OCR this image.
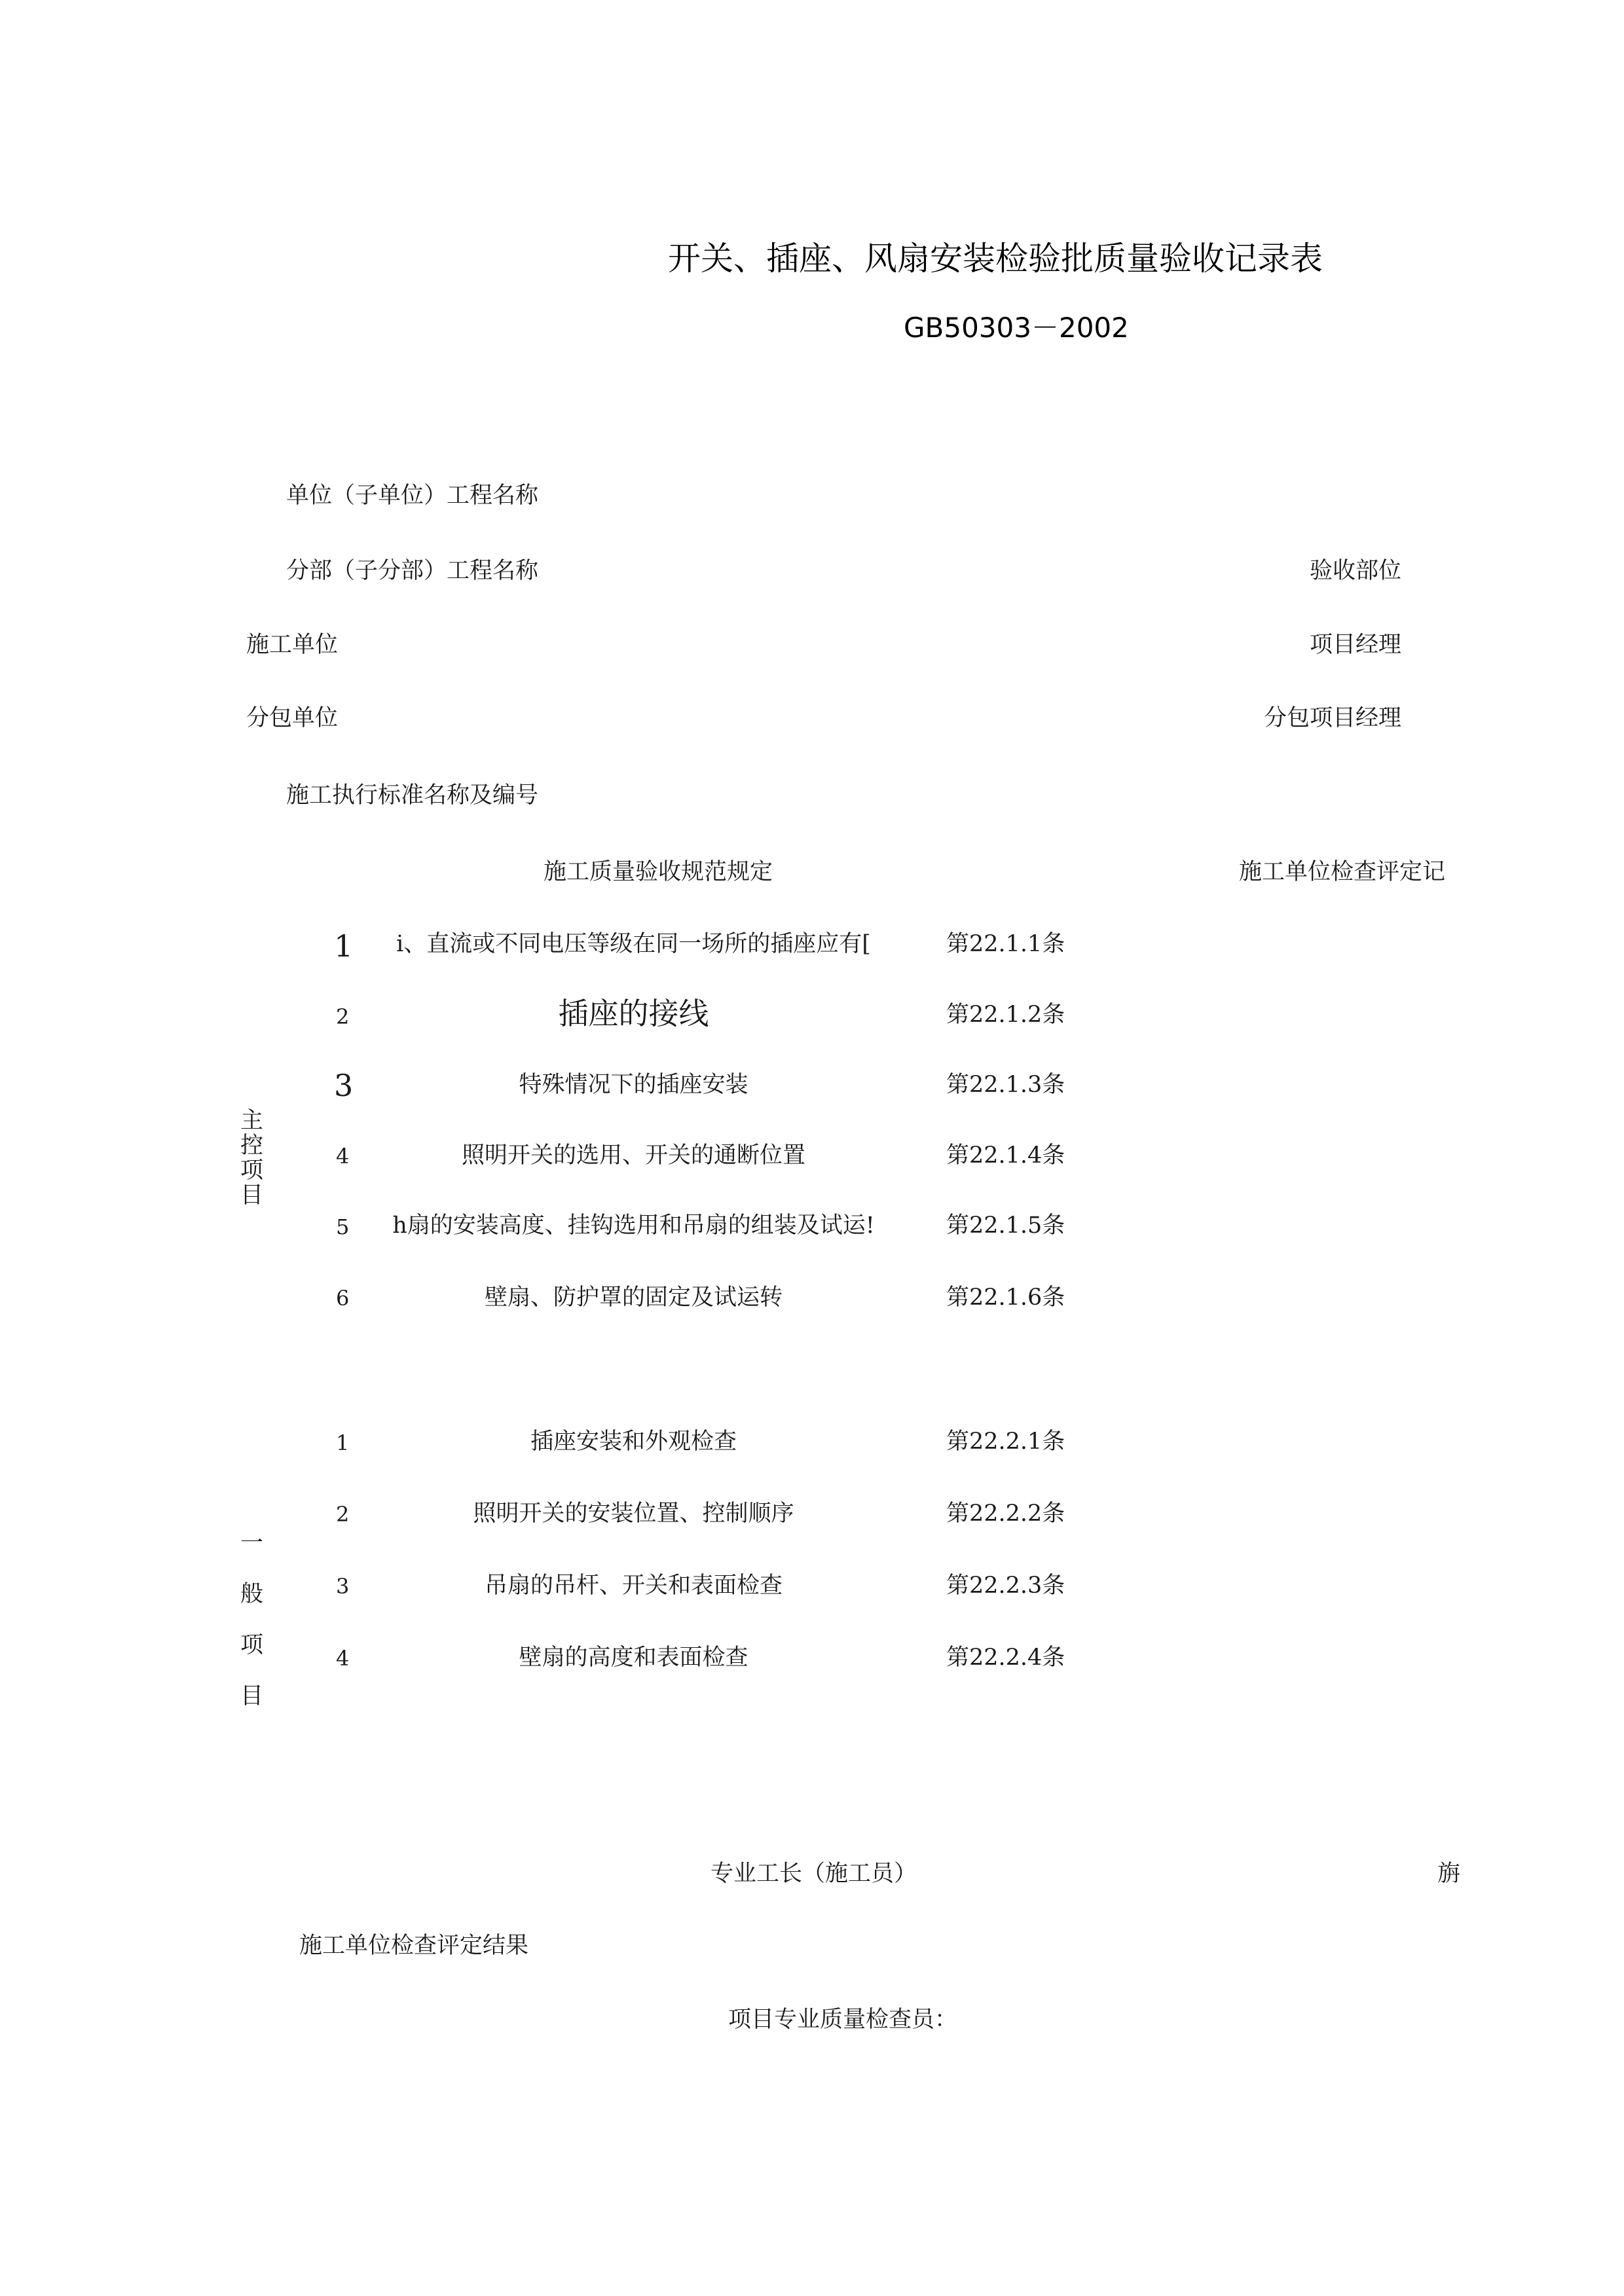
开关、插座、风扇安装检验批质量验收记录表
GB50303－2002
单位（子单位）工程名称
分部（子分部）工程名称	验收部位
施工单位	项目经理
分包单位	分包项目经理
施工执行标准名称及编号
施工质量验收规范规定	施工单位检查评定记
主
控
项
目
1	i、直流或不同电压等级在同一场所的插座应有[	第22.1.1条
2	插座的接线	第22.1.2条
3	特殊情况下的插座安装	第22.1.3条
4	照明开关的选用、开关的通断位置	第22.1.4条
5	h扇的安装高度、挂钩选用和吊扇的组装及试运!	第22.1.5条
6	壁扇、防护罩的固定及试运转	第22.1.6条
一
般
项
目
1	插座安装和外观检查	第22.2.1条
2	照明开关的安装位置、控制顺序	第22.2.2条
3	吊扇的吊杆、开关和表面检查	第22.2.3条
4	壁扇的高度和表面检查	第22.2.4条
专业工长（施工员）	旃
施工单位检查评定结果
项目专业质量检查员：
